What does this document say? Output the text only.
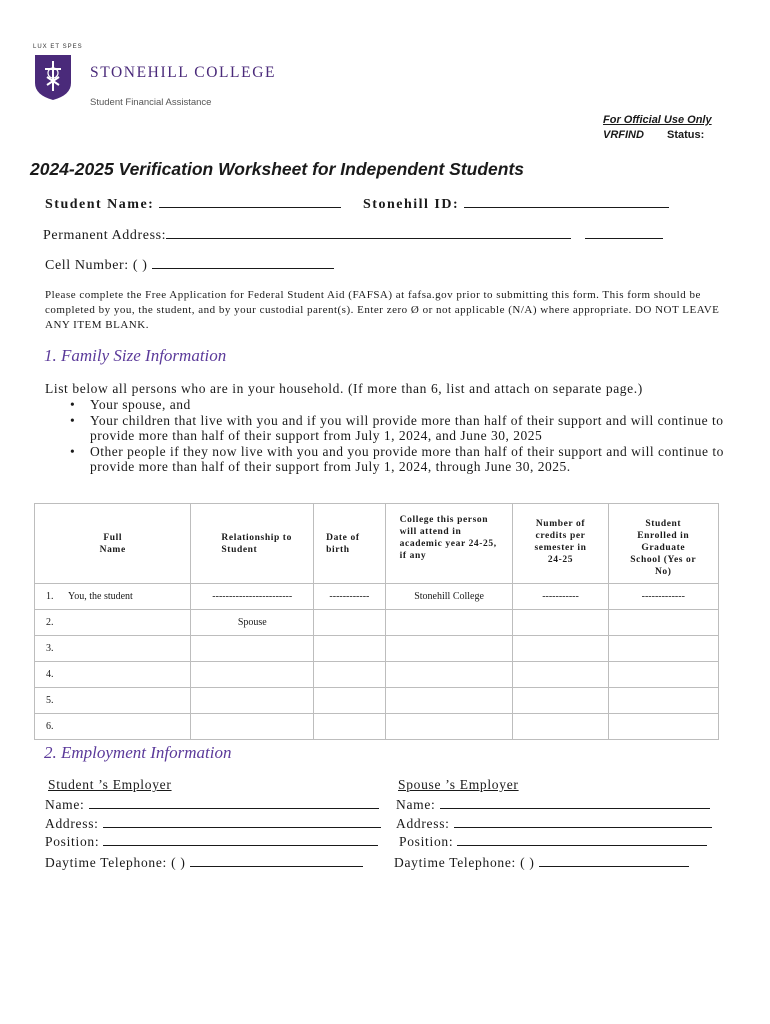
LUX ET SPES
STONEHILL COLLEGE
Student Financial Assistance
For Official Use Only
VRFIND Status:
2024-2025 Verification Worksheet for Independent Students
Student Name:	Stonehill ID:
Permanent Address:
Cell Number: ( )
Please complete the Free Application for Federal Student Aid (FAFSA) at fafsa.gov prior to submitting this form. This form should be completed by you, the student, and by your custodial parent(s). Enter zero Ø or not applicable (N/A) where appropriate. DO NOT LEAVE ANY ITEM BLANK.
1. Family Size Information
List below all persons who are in your household. (If more than 6, list and attach on separate page.)
• Your spouse, and
• Your children that live with you and if you will provide more than half of their support and will continue to provide more than half of their support from July 1, 2024, and June 30, 2025
• Other people if they now live with you and you provide more than half of their support and will continue to provide more than half of their support from July 1, 2024, through June 30, 2025.
Full Name	Relationship to Student	Date of birth	College this person will attend in academic year 24-25, if any	Number of credits per semester in 24-25	Student Enrolled in Graduate School (Yes or No)

1. You, the student	------------------------	------------	Stonehill College	-----------	-------------
2.	Spouse				
3.					
4.					
5.					
6.					
2. Employment Information
Student ’s Employer
Name:
Address:
Position:
Daytime Telephone: ( )
Spouse ’s Employer
Name:
Address:
Position:
Daytime Telephone: ( )
